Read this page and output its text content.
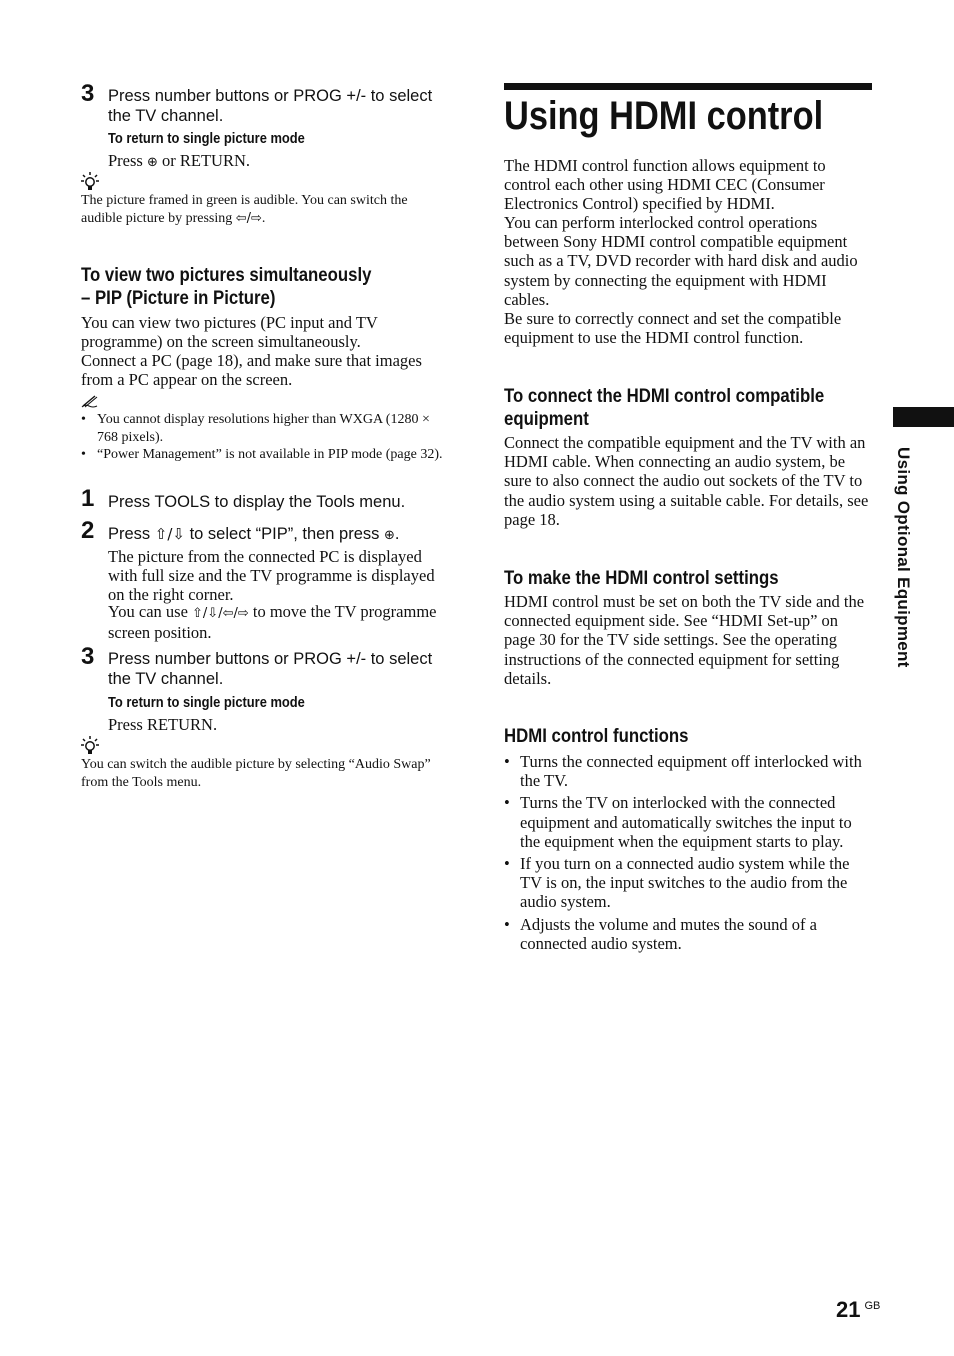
3 Press number buttons or PROG +/- to select the TV channel.
To return to single picture mode
Press ⊕ or RETURN.
The picture framed in green is audible. You can switch the audible picture by pressing ⇦/⇨.
To view two pictures simultaneously
– PIP (Picture in Picture)
You can view two pictures (PC input and TV programme) on the screen simultaneously.
Connect a PC (page 18), and make sure that images from a PC appear on the screen.
• You cannot display resolutions higher than WXGA (1280 × 768 pixels).
• “Power Management” is not available in PIP mode (page 32).
1 Press TOOLS to display the Tools menu.
2 Press ⇧/⇩ to select “PIP”, then press ⊕.
The picture from the connected PC is displayed with full size and the TV programme is displayed on the right corner.
You can use ⇧/⇩/⇦/⇨ to move the TV programme screen position.
3 Press number buttons or PROG +/- to select the TV channel.
To return to single picture mode
Press RETURN.
You can switch the audible picture by selecting “Audio Swap” from the Tools menu.
Using HDMI control
The HDMI control function allows equipment to control each other using HDMI CEC (Consumer Electronics Control) specified by HDMI.
You can perform interlocked control operations between Sony HDMI control compatible equipment such as a TV, DVD recorder with hard disk and audio system by connecting the equipment with HDMI cables.
Be sure to correctly connect and set the compatible equipment to use the HDMI control function.
To connect the HDMI control compatible
equipment
Connect the compatible equipment and the TV with an HDMI cable. When connecting an audio system, be sure to also connect the audio out sockets of the TV to the audio system using a suitable cable. For details, see page 18.
To make the HDMI control settings
HDMI control must be set on both the TV side and the connected equipment side. See “HDMI Set-up” on page 30 for the TV side settings. See the operating instructions of the connected equipment for setting details.
HDMI control functions
• Turns the connected equipment off interlocked with the TV.
• Turns the TV on interlocked with the connected equipment and automatically switches the input to the equipment when the equipment starts to play.
• If you turn on a connected audio system while the TV is on, the input switches to the audio from the audio system.
• Adjusts the volume and mutes the sound of a connected audio system.
Using Optional Equipment
21 $^{GB}$
